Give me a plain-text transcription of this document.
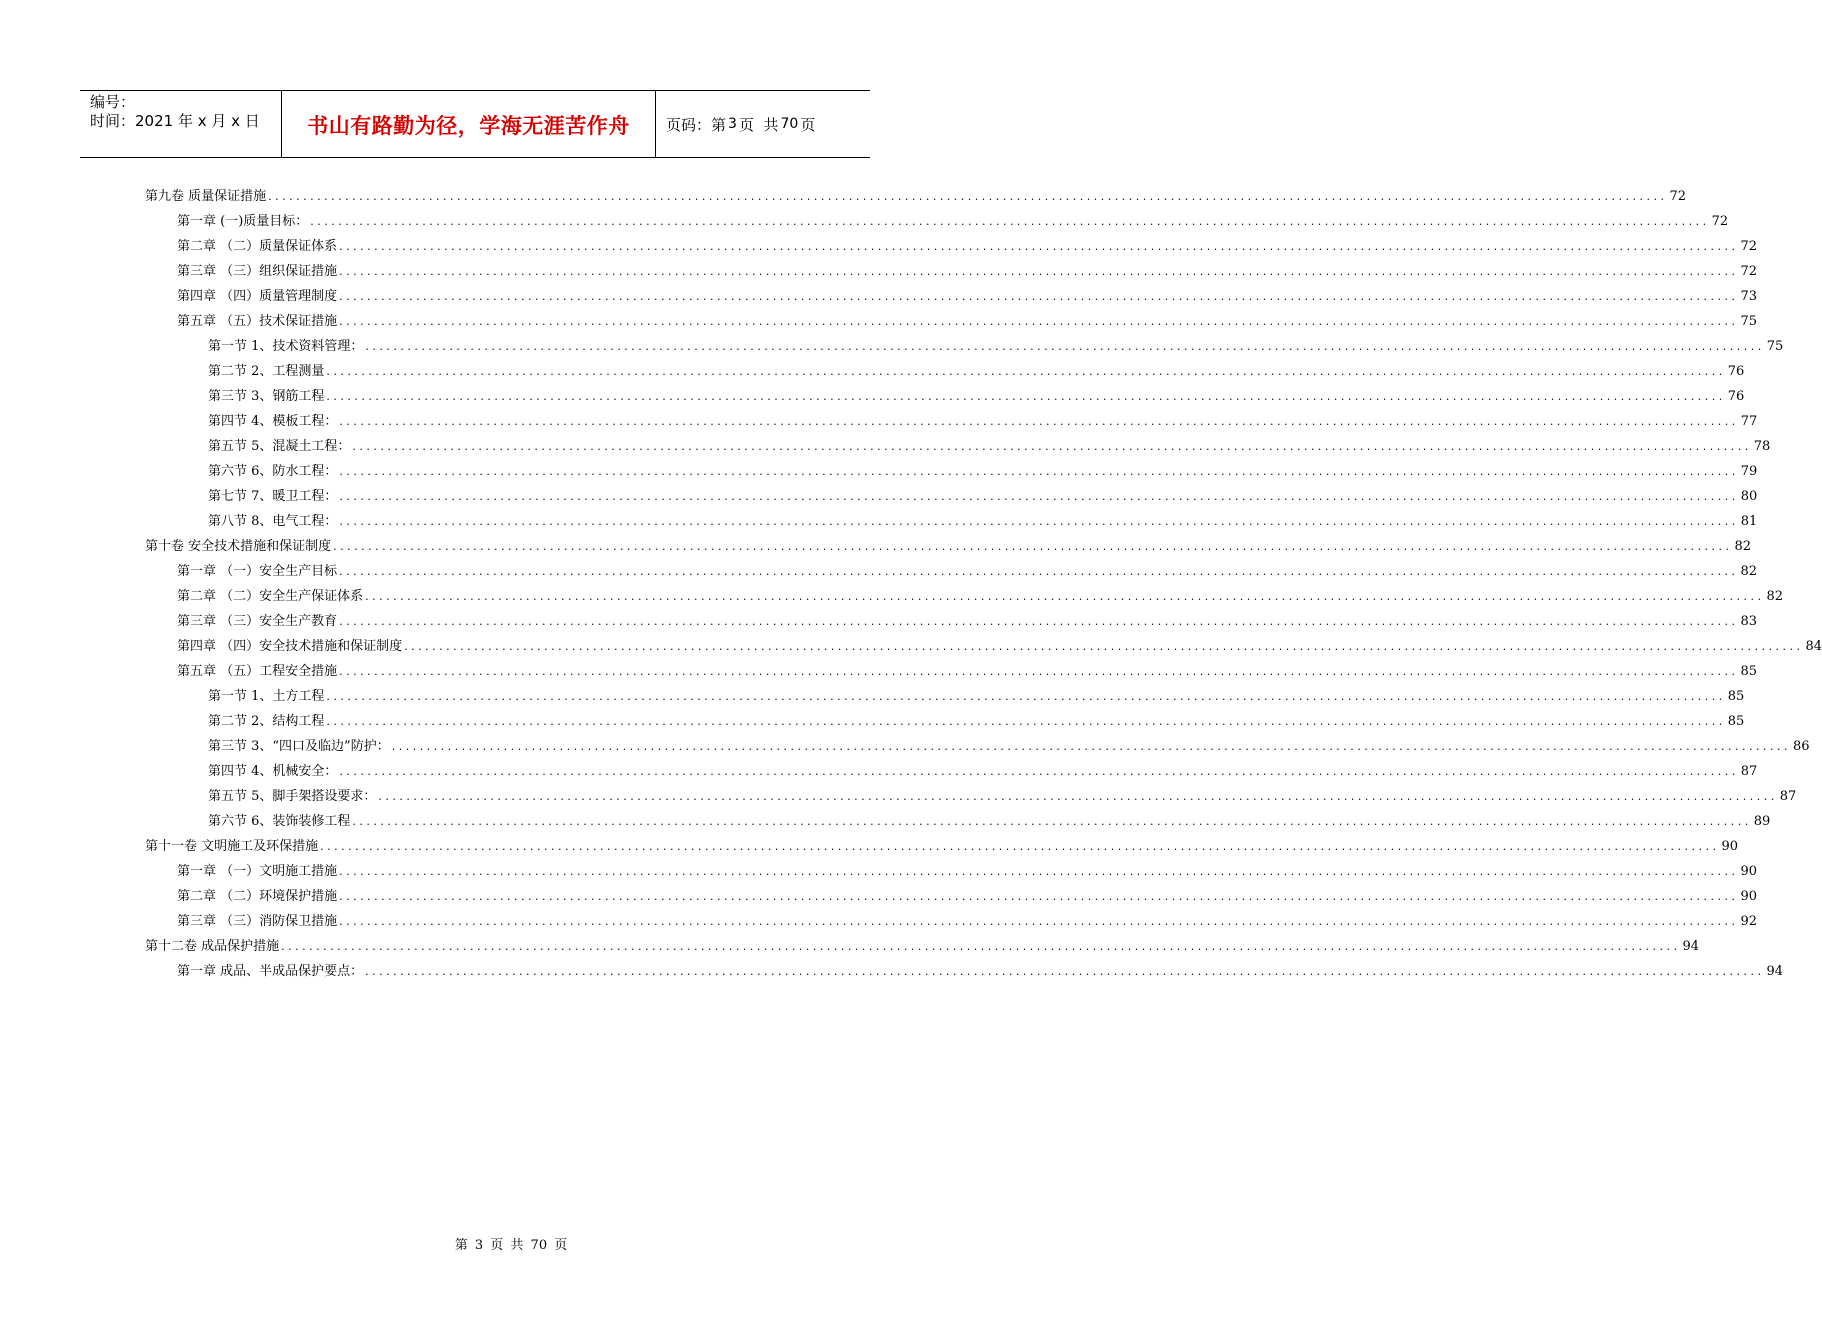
编号：
时间：2021 年 x 月 x 日	书山有路勤为径，学海无涯苦作舟 页码：第 3 页  共 70 页
第九卷 质量保证措施 ........................................................................................................................................................................................................ 72
第一章 (一)质量目标： ........................................................................................................................................................................................................ 72
第二章 （二）质量保证体系 ........................................................................................................................................................................................................ 72
第三章 （三）组织保证措施 ........................................................................................................................................................................................................ 72
第四章 （四）质量管理制度 ........................................................................................................................................................................................................ 73
第五章 （五）技术保证措施 ........................................................................................................................................................................................................ 75
第一节 1、技术资料管理： ........................................................................................................................................................................................................ 75
第二节 2、工程测量 ........................................................................................................................................................................................................ 76
第三节 3、钢筋工程 ........................................................................................................................................................................................................ 76
第四节 4、模板工程： ........................................................................................................................................................................................................ 77
第五节 5、混凝土工程： ........................................................................................................................................................................................................ 78
第六节 6、防水工程： ........................................................................................................................................................................................................ 79
第七节 7、暖卫工程： ........................................................................................................................................................................................................ 80
第八节 8、电气工程： ........................................................................................................................................................................................................ 81
第十卷 安全技术措施和保证制度 ........................................................................................................................................................................................................ 82
第一章 （一）安全生产目标 ........................................................................................................................................................................................................ 82
第二章 （二）安全生产保证体系 ........................................................................................................................................................................................................ 82
第三章 （三）安全生产教育 ........................................................................................................................................................................................................ 83
第四章 （四）安全技术措施和保证制度 ........................................................................................................................................................................................................ 84
第五章 （五）工程安全措施 ........................................................................................................................................................................................................ 85
第一节 1、土方工程 ........................................................................................................................................................................................................ 85
第二节 2、结构工程 ........................................................................................................................................................................................................ 85
第三节 3、“四口及临边”防护： ........................................................................................................................................................................................................ 86
第四节 4、机械安全： ........................................................................................................................................................................................................ 87
第五节 5、脚手架搭设要求： ........................................................................................................................................................................................................ 87
第六节 6、装饰装修工程 ........................................................................................................................................................................................................ 89
第十一卷 文明施工及环保措施 ........................................................................................................................................................................................................ 90
第一章 （一）文明施工措施 ........................................................................................................................................................................................................ 90
第二章 （二）环境保护措施 ........................................................................................................................................................................................................ 90
第三章 （三）消防保卫措施 ........................................................................................................................................................................................................ 92
第十二卷 成品保护措施 ........................................................................................................................................................................................................ 94
第一章 成品、半成品保护要点： ........................................................................................................................................................................................................ 94
第 3 页 共 70 页
